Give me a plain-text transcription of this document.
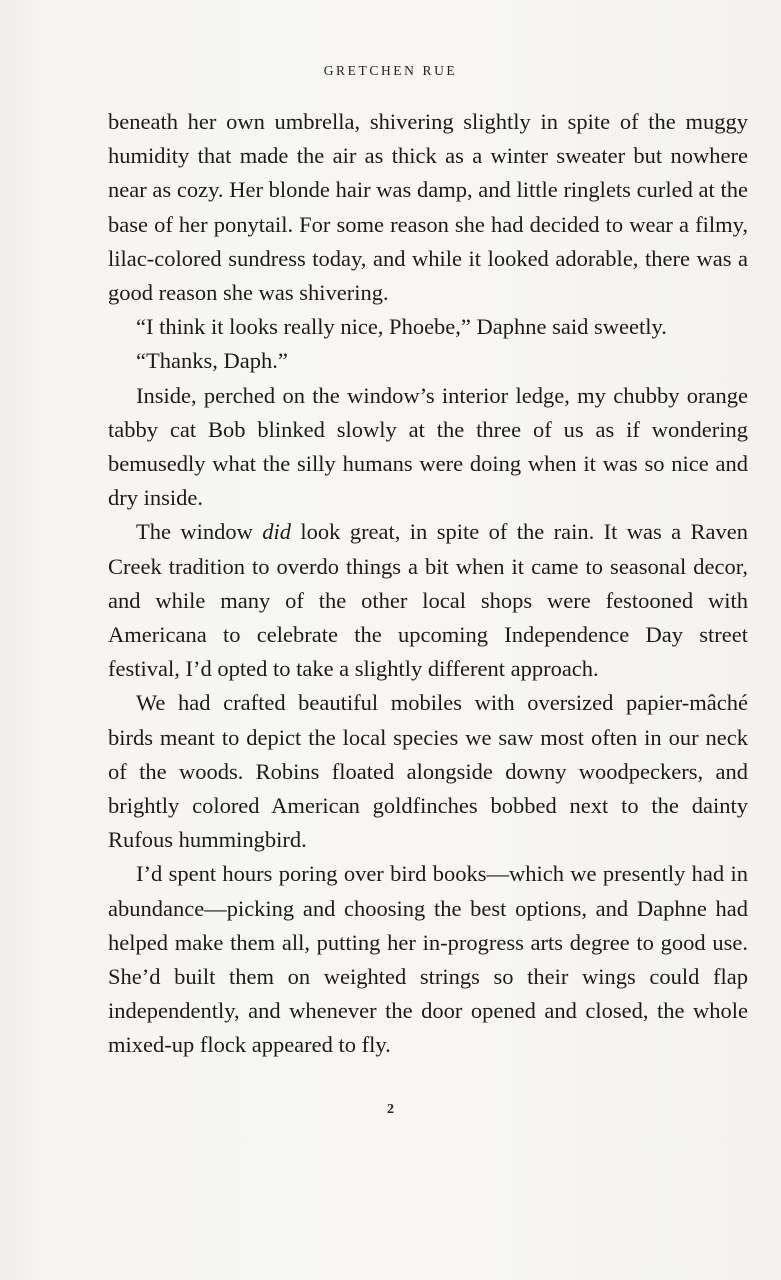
GRETCHEN RUE

beneath her own umbrella, shivering slightly in spite of the muggy humidity that made the air as thick as a winter sweater but nowhere near as cozy. Her blonde hair was damp, and little ringlets curled at the base of her ponytail. For some reason she had decided to wear a filmy, lilac-colored sundress today, and while it looked adorable, there was a good reason she was shivering.

“I think it looks really nice, Phoebe,” Daphne said sweetly.

“Thanks, Daph.”

Inside, perched on the window’s interior ledge, my chubby orange tabby cat Bob blinked slowly at the three of us as if wondering bemusedly what the silly humans were doing when it was so nice and dry inside.

The window did look great, in spite of the rain. It was a Raven Creek tradition to overdo things a bit when it came to seasonal decor, and while many of the other local shops were festooned with Americana to celebrate the upcoming Independence Day street festival, I’d opted to take a slightly different approach.

We had crafted beautiful mobiles with oversized papier-mâché birds meant to depict the local species we saw most often in our neck of the woods. Robins floated alongside downy woodpeckers, and brightly colored American goldfinches bobbed next to the dainty Rufous hummingbird.

I’d spent hours poring over bird books—which we presently had in abundance—picking and choosing the best options, and Daphne had helped make them all, putting her in-progress arts degree to good use. She’d built them on weighted strings so their wings could flap independently, and whenever the door opened and closed, the whole mixed-up flock appeared to fly.

2
